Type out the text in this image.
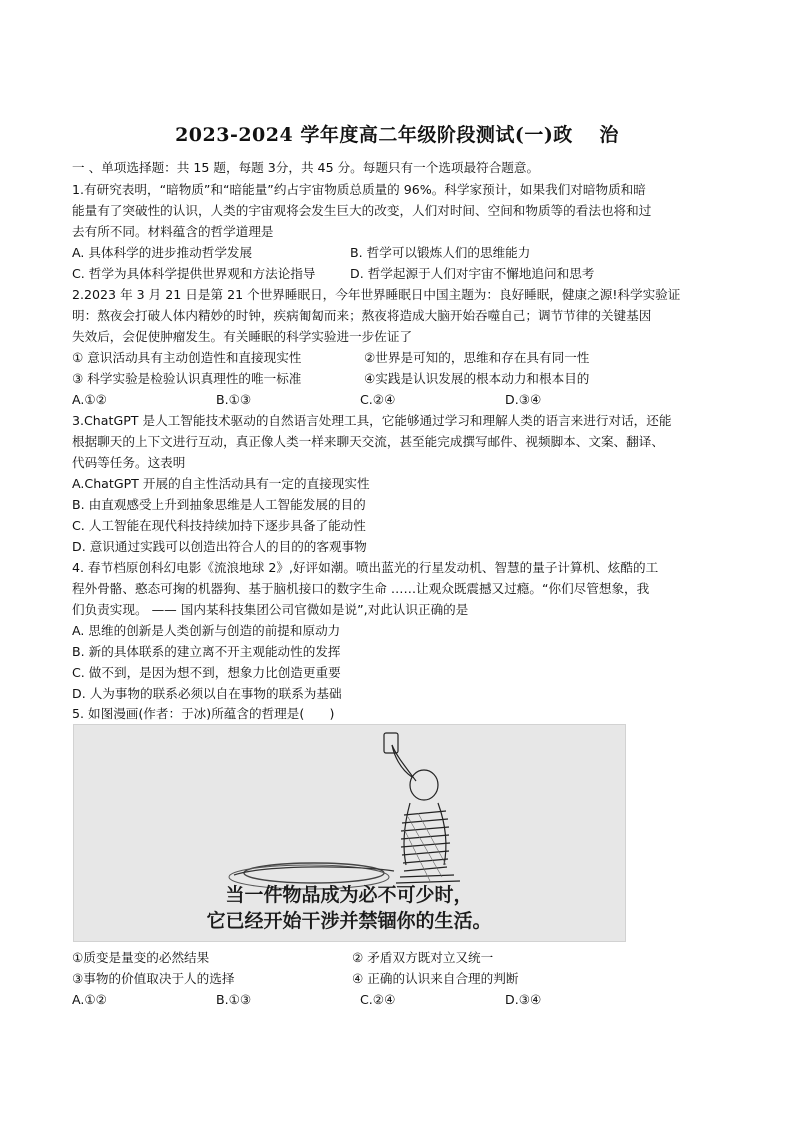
2023-2024 学年度高二年级阶段测试(一)政　 治
一 、单项选择题：共 15 题，每题 3分，共 45 分。每题只有一个选项最符合题意。
1.有研究表明，“暗物质”和“暗能量”约占宇宙物质总质量的 96%。科学家预计，如果我们对暗物质和暗
能量有了突破性的认识，人类的宇宙观将会发生巨大的改变，人们对时间、空间和物质等的看法也将和过
去有所不同。材料蕴含的哲学道理是
A. 具体科学的进步推动哲学发展	B. 哲学可以锻炼人们的思维能力
C. 哲学为具体科学提供世界观和方法论指导	D. 哲学起源于人们对宇宙不懈地追问和思考
2.2023 年 3 月 21 日是第 21 个世界睡眠日，今年世界睡眠日中国主题为：良好睡眠，健康之源!科学实验证
明：熬夜会打破人体内精妙的时钟，疾病匍匐而来；熬夜将造成大脑开始吞噬自己；调节节律的关键基因
失效后，会促使肿瘤发生。有关睡眠的科学实验进一步佐证了
① 意识活动具有主动创造性和直接现实性	②世界是可知的，思维和存在具有同一性
③ 科学实验是检验认识真理性的唯一标准	④实践是认识发展的根本动力和根本目的
A.①②	B.①③	C.②④	D.③④
3.ChatGPT 是人工智能技术驱动的自然语言处理工具，它能够通过学习和理解人类的语言来进行对话，还能
根据聊天的上下文进行互动，真正像人类一样来聊天交流，甚至能完成撰写邮件、视频脚本、文案、翻译、
代码等任务。这表明
A.ChatGPT 开展的自主性活动具有一定的直接现实性
B. 由直观感受上升到抽象思维是人工智能发展的目的
C. 人工智能在现代科技持续加持下逐步具备了能动性
D. 意识通过实践可以创造出符合人的目的的客观事物
4. 春节档原创科幻电影《流浪地球 2》,好评如潮。喷出蓝光的行星发动机、智慧的量子计算机、炫酷的工
程外骨骼、憨态可掬的机器狗、基于脑机接口的数字生命 ……让观众既震撼又过瘾。“你们尽管想象，我
们负责实现。 —— 国内某科技集团公司官微如是说”,对此认识正确的是
A. 思维的创新是人类创新与创造的前提和原动力
B. 新的具体联系的建立离不开主观能动性的发挥
C. 做不到，是因为想不到，想象力比创造更重要
D. 人为事物的联系必须以自在事物的联系为基础
5. 如图漫画(作者：于冰)所蕴含的哲理是(　　)
当一件物品成为必不可少时，
它已经开始干涉并禁锢你的生活。
①质变是量变的必然结果	② 矛盾双方既对立又统一
③事物的价值取决于人的选择	④ 正确的认识来自合理的判断
A.①②	B.①③	C.②④	D.③④
